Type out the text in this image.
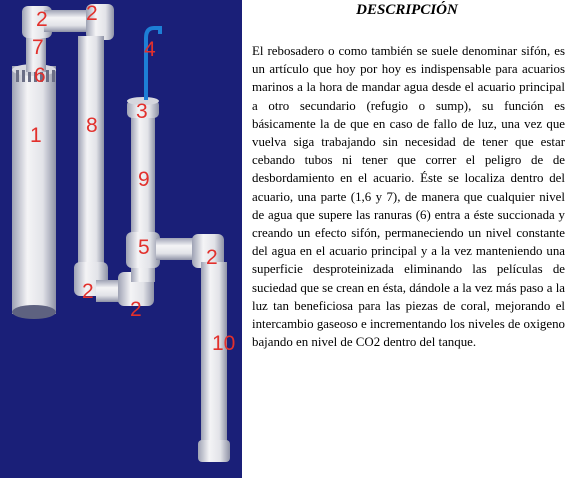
2 2
7
6
1 8
4
3
9
5	2
2
2
10
DESCRIPCIÓN

El rebosadero o como también se suele denominar sifón, es un artículo que hoy por hoy es indispensable para acuarios marinos a la hora de mandar agua desde el acuario principal a otro secundario (refugio o sump), su función es básicamente la de que en caso de fallo de luz, una vez que vuelva siga trabajando sin necesidad de tener que estar cebando tubos ni tener que correr el peligro de de desbordamiento en el acuario. Éste se localiza dentro del acuario, una parte (1,6 y 7), de manera que cualquier nivel de agua que supere las ranuras (6) entra a éste succionada y creando un efecto sifón, permaneciendo un nivel constante del agua en el acuario principal y a la vez manteniendo una superficie desproteinizada eliminando las películas de suciedad que se crean en ésta, dándole a la vez más paso a la luz tan beneficiosa para las piezas de coral, mejorando el intercambio gaseoso e incrementando los niveles de oxigeno bajando en nivel de CO2 dentro del tanque.
